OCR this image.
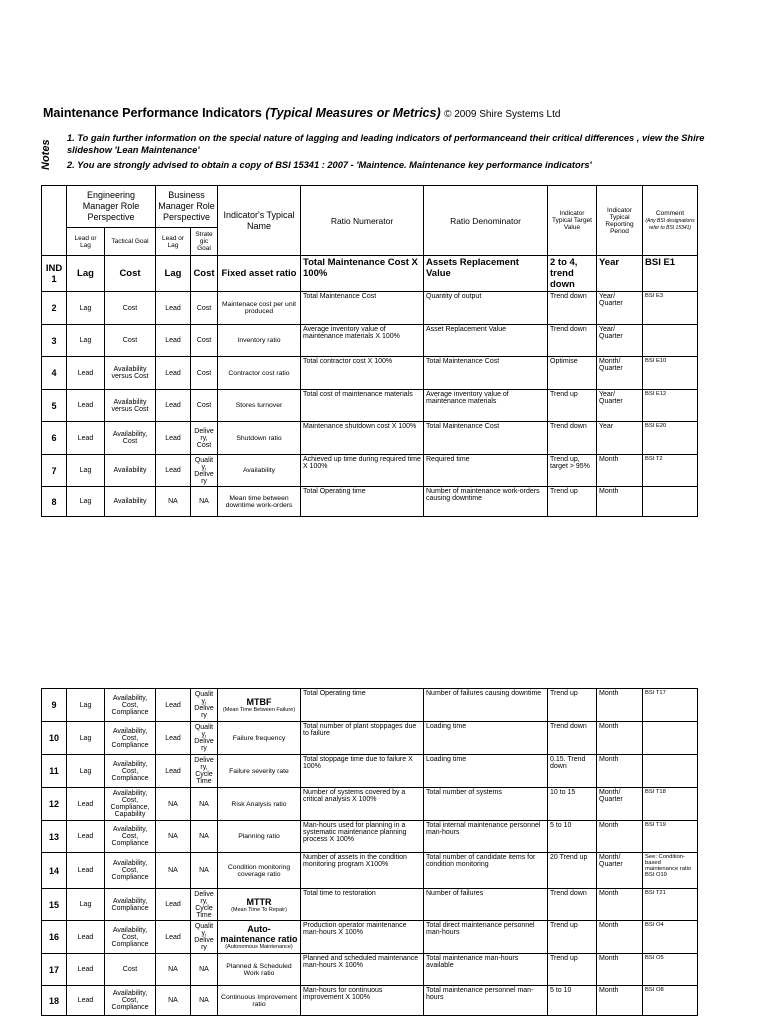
Maintenance Performance Indicators (Typical Measures or Metrics) © 2009 Shire Systems Ltd
Notes
1. To gain further information on the special nature of lagging and leading indicators of performanceand their critical differences , view the Shire slideshow 'Lean Maintenance'
2. You are strongly advised to obtain a copy of BSI 15341 : 2007 - 'Maintence. Maintenance key performance indicators'
	Engineering Manager Role Perspective		Business Manager Role Perspective		Indicator's Typical Name	Ratio Numerator	Ratio Denominator	Indicator Typical Target Value	Indicator Typical Reporting Period	Comment
(Any BSI designations refer to BSI 15341)
	Lead or Lag	Tactical Goal	Lead or Lag	Strate gic Goal						
IND 1	Lag	Cost	Lag	Cost	Fixed asset ratio	Total Maintenance Cost X 100%	Assets Replacement Value	2 to 4, trend down	Year	BSI E1
2	Lag	Cost	Lead	Cost	Maintenace cost per unit produced	Total Maintenance Cost	Quantity of output	Trend down	Year/ Quarter	BSI E3
3	Lag	Cost	Lead	Cost	Inventory ratio	Average inventory value of maintenance materials X 100%	Asset Replacement Value	Trend down	Year/ Quarter	
4	Lead	Availability versus Cost	Lead	Cost	Contractor cost ratio	Total contractor cost X 100%	Total Maintenance Cost	Optimise	Month/ Quarter	BSI E10
5	Lead	Availability versus Cost	Lead	Cost	Stores turnover	Total cost of maintenance materials	Average inventory value of maintenance materials	Trend up	Year/ Quarter	BSI E12
6	Lead	Availability, Cost	Lead	Delive ry, Cost	Shutdown ratio	Maintenance shutdown cost X 100%	Total Maintenance Cost	Trend down	Year	BSI E20
7	Lag	Availability	Lead	Qualit y, Delive ry	Availability	Achieved up time during required time X 100%	Required time	Trend up, target > 95%	Month	BSI T2
8	Lag	Availability	NA	NA	Mean time between downtime work-orders	Total Operating time	Number of maintenance work-orders causing downtime	Trend up	Month	
9	Lag	Availability, Cost, Compliance	Lead	Qualit y, Delive ry	MTBF
(Mean Time Between Failure)	Total Operating time	Number of failures causing downtime	Trend up	Month	BSI T17
10	Lag	Availability, Cost, Compliance	Lead	Qualit y, Delive ry	Failure frequency	Total number of plant stoppages due to failure	Loading time	Trend down	Month	
11	Lag	Availability, Cost, Compliance	Lead	Delive ry, Cycle Time	Failure severity rate	Total stoppage time due to failure X 100%	Loading time	0.15. Trend down	Month	
12	Lead	Availability, Cost, Compliance, Capability	NA	NA	Risk Analysis ratio	Number of systems covered by a critical analysis X 100%	Total number of systems	10 to 15	Month/ Quarter	BSI T18
13	Lead	Availability, Cost, Compliance	NA	NA	Planning ratio	Man-hours used for planning in a systematic maintenance planning process X 100%	Total internal maintenance personnel man-hours	5 to 10	Month	BSI T19
14	Lead	Availability, Cost, Compliance	NA	NA	Condition monitoring coverage ratio	Number of assets in the condition monitoring program X100%	Total number of candidate items for condition monitoring	20 Trend up	Month/ Quarter	See: Condition-based maintenance ratio BSI O19
15	Lag	Availability, Compliance	Lead	Delive ry, Cycle Time	MTTR
(Mean Time To Repair)	Total time to restoration	Number of failures	Trend down	Month	BSI T21
16	Lead	Availability, Cost, Compliance	Lead	Qualit y, Delive ry	Auto-maintenance ratio
(Autonomous Maintenance)	Production operator maintenance man-hours X 100%	Total direct maintenance personnel man-hours	Trend up	Month	BSI O4
17	Lead	Cost	NA	NA	Planned & Scheduled Work ratio	Planned and scheduled maintenance man-hours X 100%	Total maintenance man-hours available	Trend up	Month	BSI O5
18	Lead	Availability, Cost, Compliance	NA	NA	Continuous Improvement ratio	Man-hours for continuous improvement X 100%	Total maintenance personnel man-hours	5 to 10	Month	BSI O8
